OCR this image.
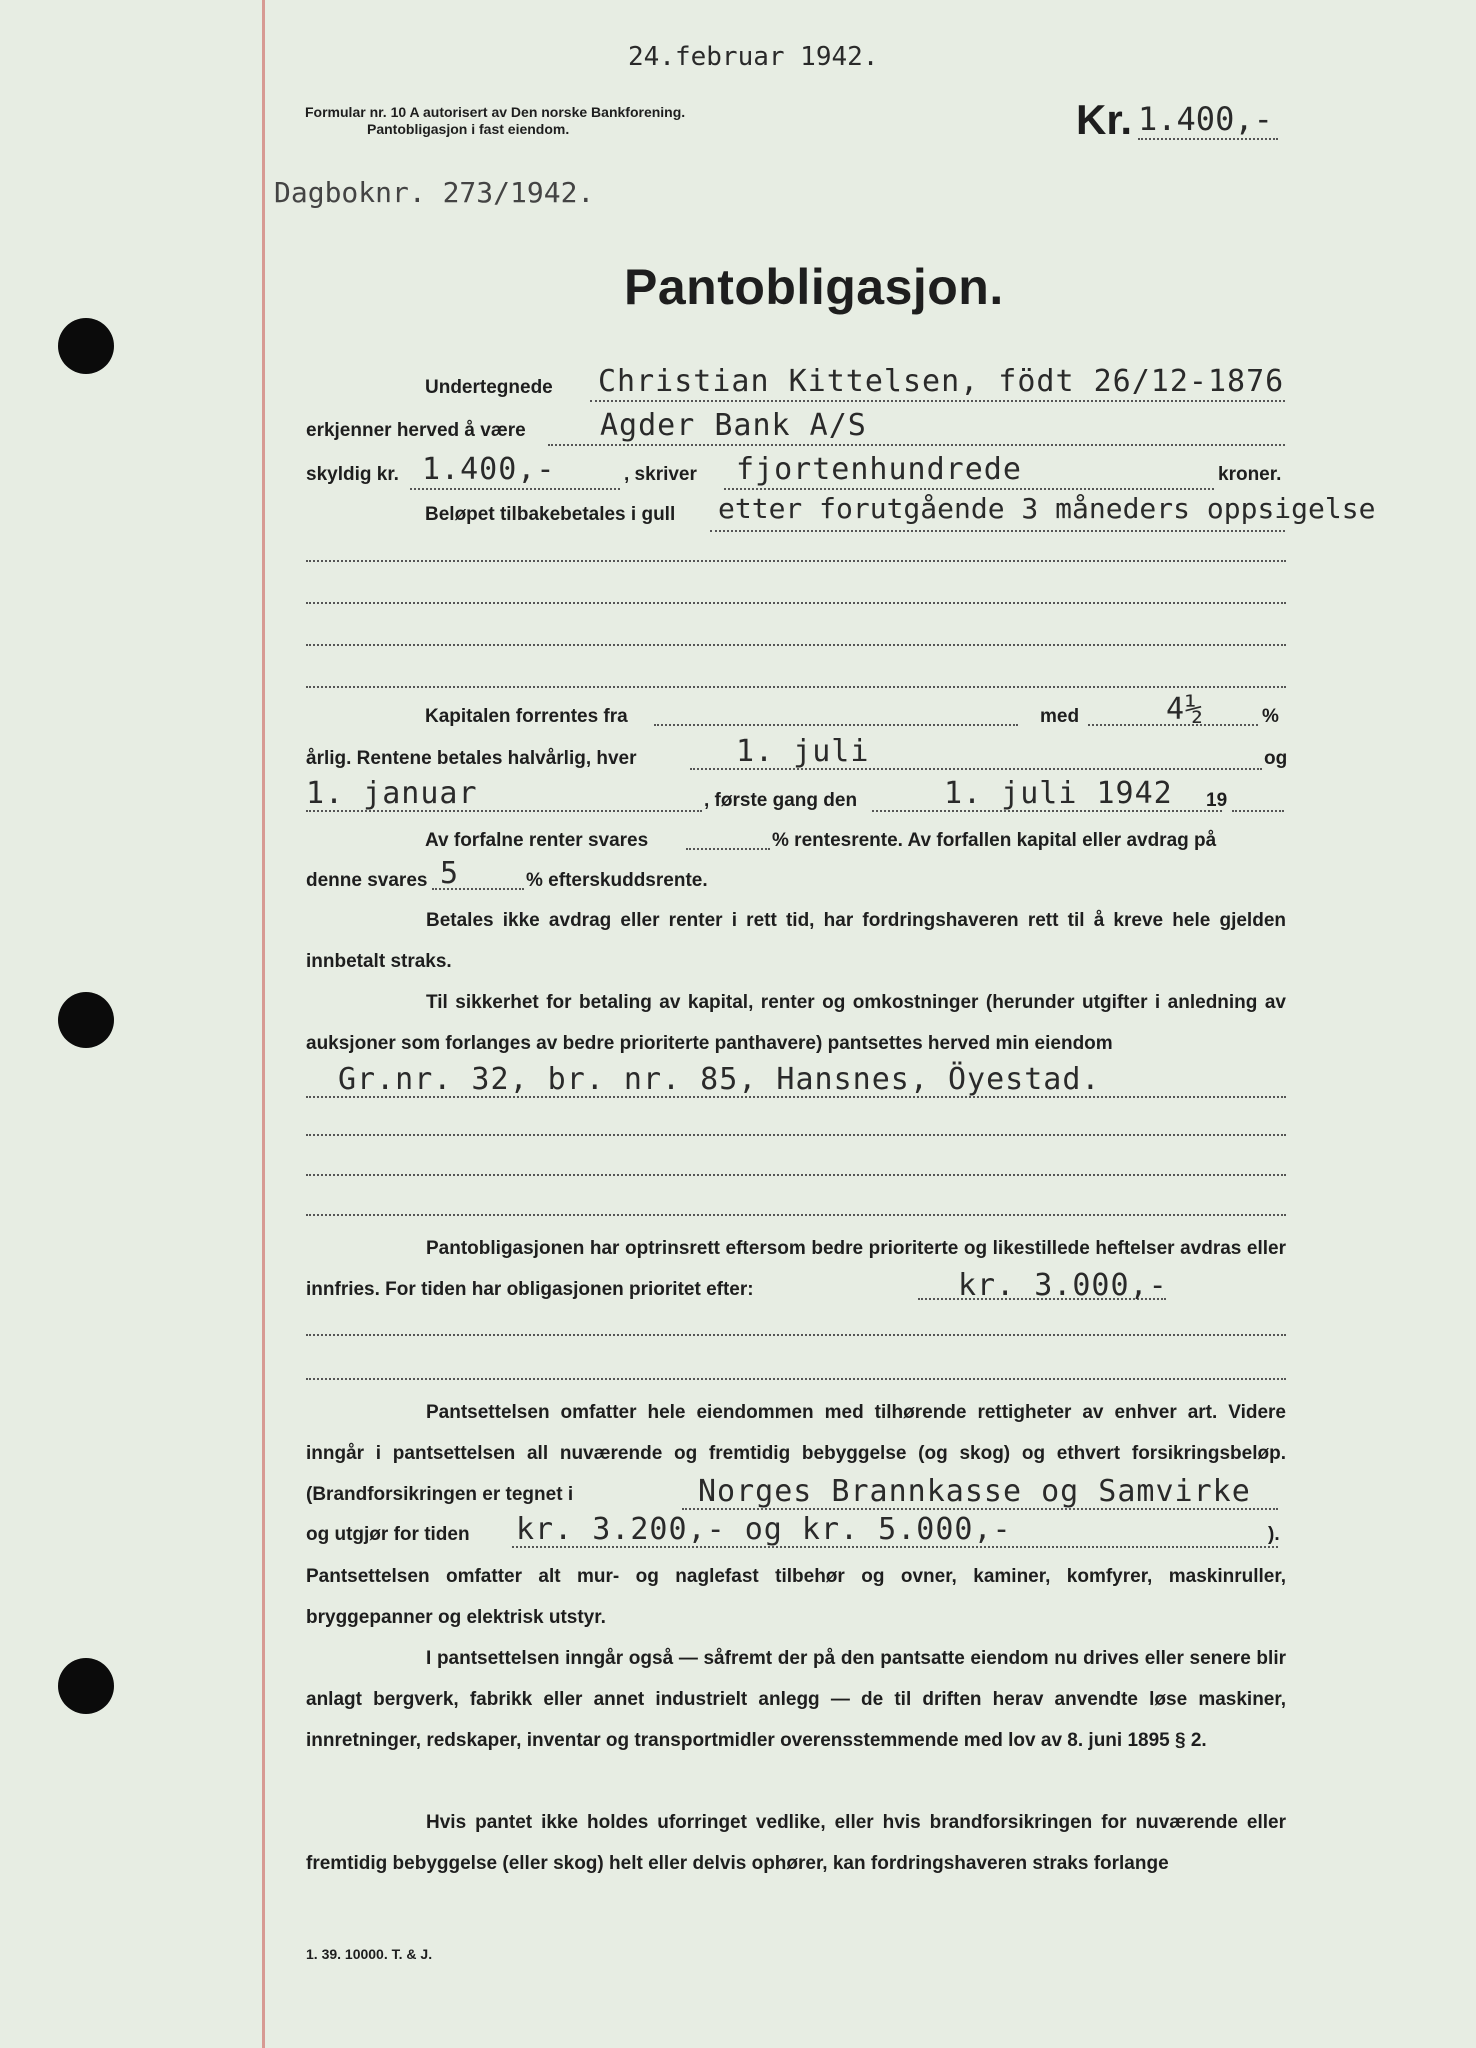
24.februar 1942.
Formular nr. 10 A autorisert av Den norske Bankforening.
Pantobligasjon i fast eiendom.	Kr. 1.400,-
Dagboknr. 273/1942.
Pantobligasjon.
Undertegnede Christian Kittelsen, födt 26/12-1876
erkjenner herved å være Agder Bank A/S
skyldig kr. 1.400,-	, skriver fjortenhundrede	kroner.
Beløpet tilbakebetales i gull etter forutgående 3 måneders oppsigelse
Kapitalen forrentes fra	med	4½	%
årlig. Rentene betales halvårlig, hver	1. juli	og
1. januar	, første gang den	1. juli 1942 19
Av forfalne renter svares	% rentesrente. Av forfallen kapital eller avdrag på
denne svares 5	% efterskuddsrente.
Betales ikke avdrag eller renter i rett tid, har fordringshaveren rett til å kreve hele gjelden innbetalt straks.
Til sikkerhet for betaling av kapital, renter og omkostninger (herunder utgifter i anledning av auksjoner som forlanges av bedre prioriterte panthavere) pantsettes herved min eiendom
Gr.nr. 32, br. nr. 85, Hansnes, Öyestad.
Pantobligasjonen har optrinsrett eftersom bedre prioriterte og likestillede heftelser avdras eller innfries. For tiden har obligasjonen prioritet efter:	kr. 3.000,-
Pantsettelsen omfatter hele eiendommen med tilhørende rettigheter av enhver art. Videre inngår i pantsettelsen all nuværende og fremtidig bebyggelse (og skog) og ethvert forsikringsbeløp. (Brandforsikringen er tegnet i	Norges Brannkasse og Samvirke
og utgjør for tiden kr. 3.200,- og kr. 5.000,-	).
Pantsettelsen omfatter alt mur- og naglefast tilbehør og ovner, kaminer, komfyrer, maskinruller, bryggepanner og elektrisk utstyr.
I pantsettelsen inngår også — såfremt der på den pantsatte eiendom nu drives eller senere blir anlagt bergverk, fabrikk eller annet industrielt anlegg — de til driften herav anvendte løse maskiner, innretninger, redskaper, inventar og transportmidler overensstemmende med lov av 8. juni 1895 § 2.
Hvis pantet ikke holdes uforringet vedlike, eller hvis brandforsikringen for nuværende eller fremtidig bebyggelse (eller skog) helt eller delvis ophører, kan fordringshaveren straks forlange
1. 39. 10000. T. & J.
